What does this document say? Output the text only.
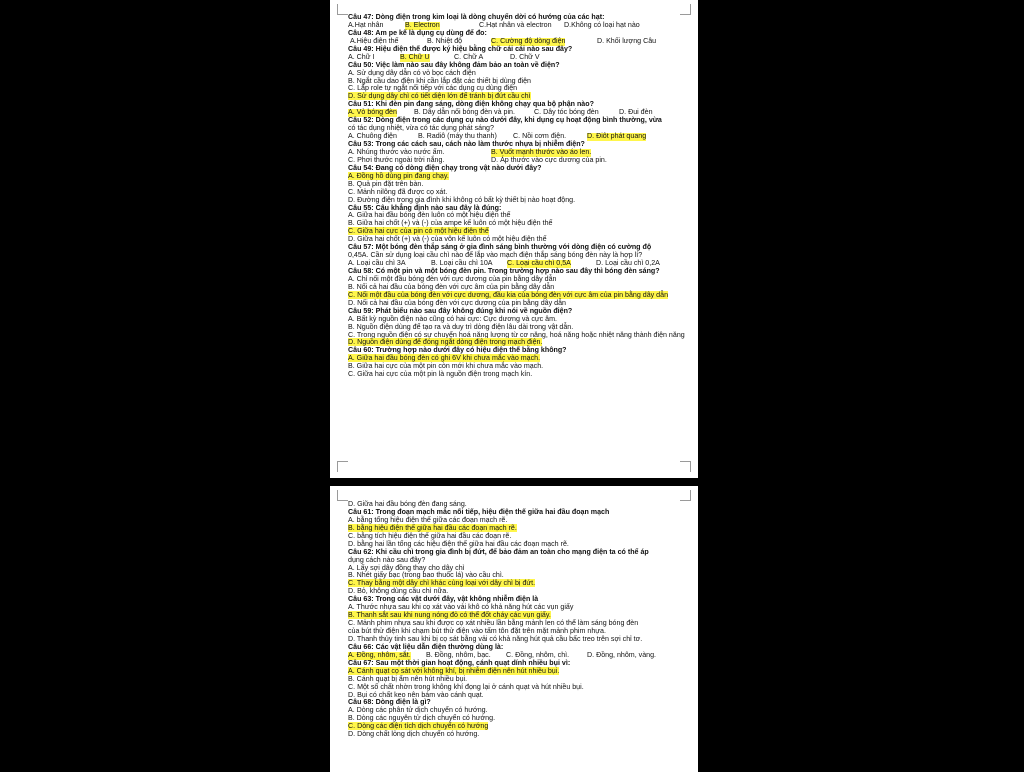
Câu 47: Dòng điện trong kim loại là dòng chuyển dời có hướng của các hạt:
A.Hạt nhân	B. Electron	C.Hạt nhân và electron D.Không có loại hạt nào
Câu 48: Am pe kế là dụng cụ dùng để đo:
A.Hiệu điện thế	B. Nhiệt độ	C. Cường độ dòng điện	D. Khối lượng Câu
Câu 49: Hiệu điện thế được ký hiệu bằng chữ cái cái nào sau đây?
A. Chữ I	B. Chữ U	C. Chữ A	D. Chữ V
Câu 50: Việc làm nào sau đây không đảm bảo an toàn về điện?
A. Sử dụng dây dẫn có vỏ bọc cách điện
B. Ngắt cầu dao điện khi cần lắp đặt các thiết bị dùng điện
C. Lắp role tự ngắt nối tiếp với các dụng cụ dùng điện
D. Sử dụng dây chì có tiết diện lớn để tránh bị đứt cầu chì
Câu 51: Khi đèn pin đang sáng, dòng điện không chạy qua bộ phận nào?
A. Vỏ bóng đèn B. Dây dẫn nối bóng đèn và pin.	C. Dây tóc bóng đèn	D. Đui đèn
Câu 52: Dòng điện trong các dụng cụ nào dưới đây, khi dụng cụ hoạt động bình thường, vừa
có tác dụng nhiệt, vừa có tác dụng phát sáng?
A. Chuông điện	B. Radiô (máy thu thanh) C. Nồi cơm điện.	D. Điôt phát quang
Câu 53: Trong các cách sau, cách nào làm thước nhựa bị nhiễm điện?
A. Nhúng thước vào nước ấm.	B. Vuốt mạnh thước vào áo len.
C. Phơi thước ngoài trời nắng.	D. Áp thước vào cực dương của pin.
Câu 54: Đang có dòng điện chạy trong vật nào dưới đây?
A. Đồng hồ dùng pin đang chạy.
B. Quả pin đặt trên bàn.
C. Mảnh nilông đã được cọ xát.
D. Đường điện trong gia đình khi không có bất kỳ thiết bị nào hoạt động.
Câu 55: Câu khẳng định nào sau đây là đúng:
A. Giữa hai đầu bóng đèn luôn có một hiệu điện thế
B. Giữa hai chốt (+) và (-) của ampe kế luôn có một hiệu điện thế
C. Giữa hai cực của pin có một hiệu điện thế
D. Giữa hai chốt (+) và (-) của vôn kế luôn có một hiệu điện thế
Câu 57: Một bóng đèn thắp sáng ở gia đình sáng bình thường với dòng điện có cường độ
0,45A. Cần sử dụng loại cầu chì nào để lắp vào mạch điện thắp sáng bóng đèn này là hợp lí?
A. Loại cầu chì 3A	B. Loại cầu chì 10A C. Loại cầu chì 0,5A	D. Loại cầu chì 0,2A
Câu 58: Có một pin và một bóng đèn pin. Trong trường hợp nào sau đây thì bóng đèn sáng?
A. Chỉ nối một đầu bóng đèn với cực dương của pin bằng dây dẫn
B. Nối cả hai đầu của bóng đèn với cực âm của pin bằng dây dẫn
C. Nối một đầu của bóng đèn với cực dương, đầu kia của bóng đèn với cực âm của pin bằng dây dẫn
D. Nối cả hai đầu của bóng đèn với cực dương của pin bằng dây dẫn
Câu 59: Phát biểu nào sau đây không đúng khi nói về nguồn điện?
A. Bất kỳ nguồn điện nào cũng có hai cực: Cực dương và cực âm.
B. Nguồn điện dùng để tạo ra và duy trì dòng điện lâu dài trong vật dẫn.
C. Trong nguồn điện có sự chuyển hoá năng lượng từ cơ năng, hoá năng hoặc nhiệt năng thành điện năng
D. Nguồn điện dùng để đóng ngắt dòng điện trong mạch điện.
Câu 60: Trường hợp nào dưới đây có hiệu điện thế bằng không?
A. Giữa hai đầu bóng đèn có ghi 6V khi chưa mắc vào mạch.
B. Giữa hai cực của một pin còn mới khi chưa mắc vào mạch.
C. Giữa hai cực của một pin là nguồn điện trong mạch kín.
D. Giữa hai đầu bóng đèn đang sáng.
Câu 61: Trong đoạn mạch mắc nối tiếp, hiệu điện thế giữa hai đầu đoạn mạch
A. bằng tổng hiệu điện thế giữa các đoạn mạch rẽ.
B. bằng hiệu điện thế giữa hai đầu các đoạn mạch rẽ.
C. bằng tích hiệu điện thế giữa hai đầu các đoạn rẽ.
D. bằng hai lần tổng các hiệu điện thế giữa hai đầu các đoạn mạch rẽ.
Câu 62: Khi cầu chì trong gia đình bị đứt, để bảo đảm an toàn cho mạng điện ta có thể áp
dụng cách nào sau đây?
A. Lấy sợi dây đồng thay cho dây chì
B. Nhét giấy bạc (trong bao thuốc lá) vào cầu chì.
C. Thay bằng một dây chì khác cùng loại với dây chì bị đứt.
D. Bỏ, không dùng cầu chì nữa.
Câu 63: Trong các vật dưới đây, vật không nhiễm điện là
A. Thước nhựa sau khi cọ xát vào vải khô có khả năng hút các vụn giấy
B. Thanh sắt sau khi nung nóng đỏ có thể đốt cháy các vụn giấy.
C. Mảnh phim nhựa sau khi được cọ xát nhiều lần bằng mảnh len có thể làm sáng bóng đèn
của bút thử điện khi chạm bút thử điện vào tấm tôn đặt trên mặt mảnh phim nhựa.
D. Thanh thủy tinh sau khi bị cọ sát bằng vải có khả năng hút quả cầu bấc treo trên sợi chỉ tơ.
Câu 66: Các vật liệu dẫn điện thường dùng là:
A. Đồng, nhôm, sắt. B. Đồng, nhôm, bạc. C. Đồng, nhôm, chì.	D. Đồng, nhôm, vàng.
Câu 67: Sau một thời gian hoạt động, cánh quạt dính nhiều bụi vì:
A. Cánh quạt cọ sát với không khí, bị nhiễm điện nên hút nhiều bụi.
B. Cánh quạt bị ẩm nên hút nhiều bụi.
C. Một số chất nhờn trong không khí đọng lại ở cánh quạt và hút nhiều bụi.
D. Bụi có chất keo nên bám vào cánh quạt.
Câu 68: Dòng điện là gì?
A. Dòng các phân tử dịch chuyển có hướng.
B. Dòng các nguyên tử dịch chuyển có hướng.
C. Dòng các điện tích dịch chuyển có hướng
D. Dòng chất lỏng dịch chuyển có hướng.
